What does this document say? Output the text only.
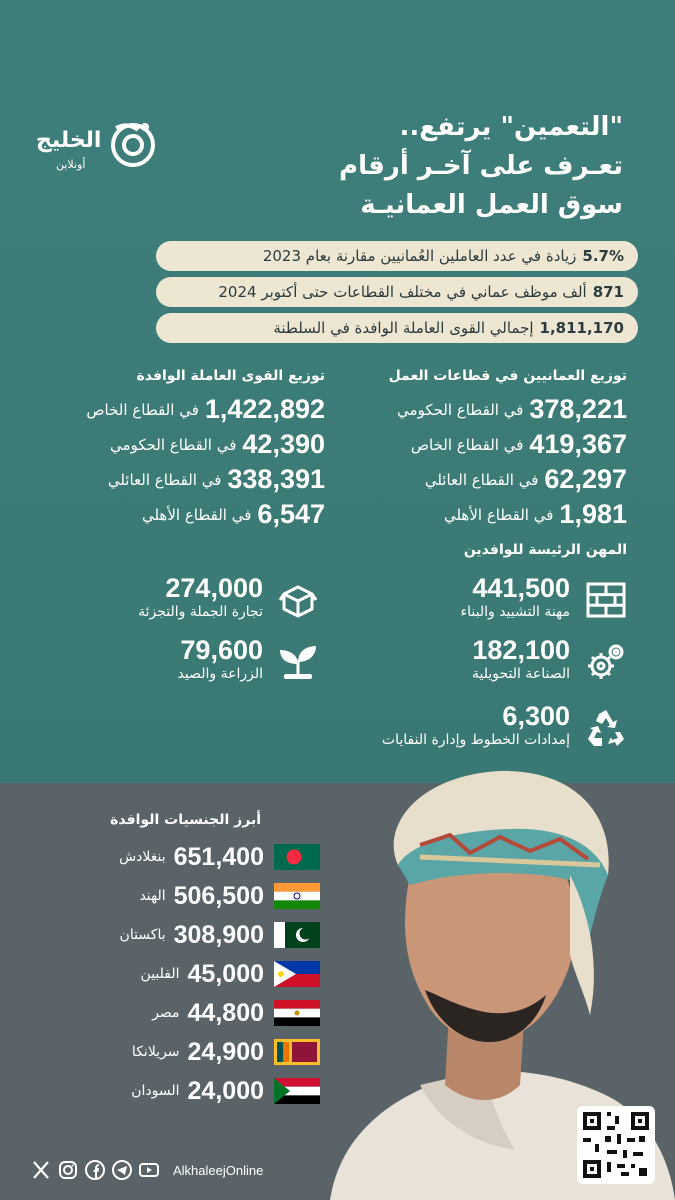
الخليج
أونلاين
"التعمين" يرتفع..
تعـرف على آخـر أرقام
سوق العمل العمانيـة
5.7%
زيادة في عدد العاملين العُمانيين مقارنة بعام 2023
871
ألف موظف عماني في مختلف القطاعات حتى أكتوبر 2024
1,811,170
إجمالي القوى العاملة الوافدة في السلطنة
توزيع العمانيين في قطاعات العمل
378,221
في القطاع الحكومي
419,367
في القطاع الخاص
62,297
في القطاع العائلي
1,981
في القطاع الأهلي
توزيع القوى العاملة الوافدة
1,422,892
في القطاع الخاص
42,390
في القطاع الحكومي
338,391
في القطاع العائلي
6,547
في القطاع الأهلي
المهن الرئيسة للوافدين
441,500
مهنة التشييد والبناء
274,000
تجارة الجملة والتجزئة
182,100
الصناعة التحويلية
79,600
الزراعة والصيد
6,300
إمدادات الخطوط وإدارة النفايات
أبرز الجنسيات الوافدة
651,400
بنغلادش
506,500
الهند
308,900
باكستان
45,000
الفلبين
44,800
مصر
24,900
سريلانكا
24,000
السودان
AlkhaleejOnline
